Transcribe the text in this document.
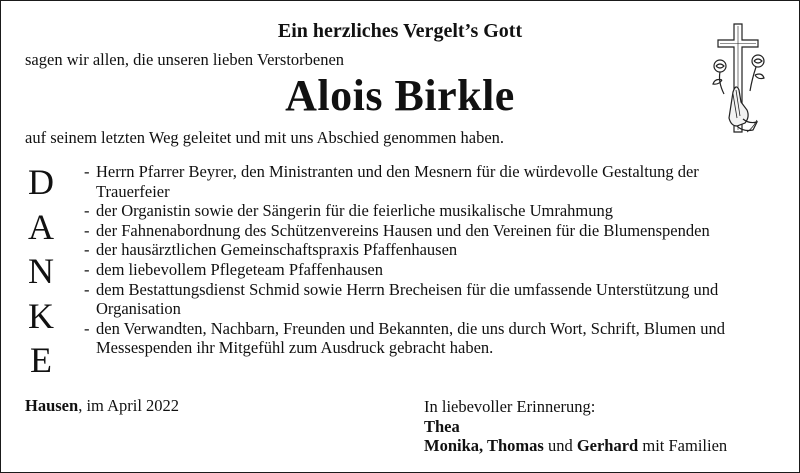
Ein herzliches Vergelt’s Gott
sagen wir allen, die unseren lieben Verstorbenen
Alois Birkle
auf seinem letzten Weg geleitet und mit uns Abschied genommen haben.
D
A
N
K
E
- Herrn Pfarrer Beyrer, den Ministranten und den Mesnern für die würdevolle Gestaltung der Trauerfeier
- der Organistin sowie der Sängerin für die feierliche musikalische Umrahmung
- der Fahnenabordnung des Schützenvereins Hausen und den Vereinen für die Blumenspenden
- der hausärztlichen Gemeinschaftspraxis Pfaffenhausen
- dem liebevollem Pflegeteam Pfaffenhausen
- dem Bestattungsdienst Schmid sowie Herrn Brecheisen für die umfassende Unterstützung und Organisation
- den Verwandten, Nachbarn, Freunden und Bekannten, die uns durch Wort, Schrift, Blumen und Messespenden ihr Mitgefühl zum Ausdruck gebracht haben.
Hausen, im April 2022	In liebevoller Erinnerung:
Thea
Monika, Thomas und Gerhard mit Familien
